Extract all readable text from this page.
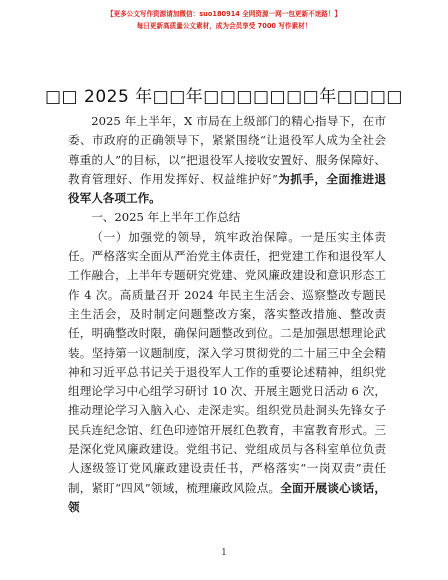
【更多公文写作资源请加微信：suo180914 全网资源一网一包更新不迷路！】
每日更新高质量公文素材，成为会员享受 7000 写作素材！
□□ 2025 年□□年□□□□□□□年□□□□

2025 年上半年，X 市局在上级部门的精心指导下，在市委、市政府的正确领导下，紧紧围绕“让退役军人成为全社会尊重的人”的目标，以“把退役军人接收安置好、服务保障好、教育管理好、作用发挥好、权益维护好”为抓手，全面推进退役军人各项工作。

一、2025 年上半年工作总结

（一）加强党的领导，筑牢政治保障。一是压实主体责任。严格落实全面从严治党主体责任，把党建工作和退役军人工作融合，上半年专题研究党建、党风廉政建设和意识形态工作 4 次。高质量召开 2024 年民主生活会、巡察整改专题民主生活会，及时制定问题整改方案，落实整改措施、整改责任，明确整改时限，确保问题整改到位。二是加强思想理论武装。坚持第一议题制度，深入学习贯彻党的二十届三中全会精神和习近平总书记关于退役军人工作的重要论述精神，组织党组理论学习中心组学习研讨 10 次、开展主题党日活动 6 次，推动理论学习入脑入心、走深走实。组织党员赴洞头先锋女子民兵连纪念馆、红色印迹馆开展红色教育，丰富教育形式。三是深化党风廉政建设。党组书记、党组成员与各科室单位负责人逐级签订党风廉政建设责任书，严格落实“一岗双责”责任制，紧盯“四风”领域，梳理廉政风险点。全面开展谈心谈话，领

1
